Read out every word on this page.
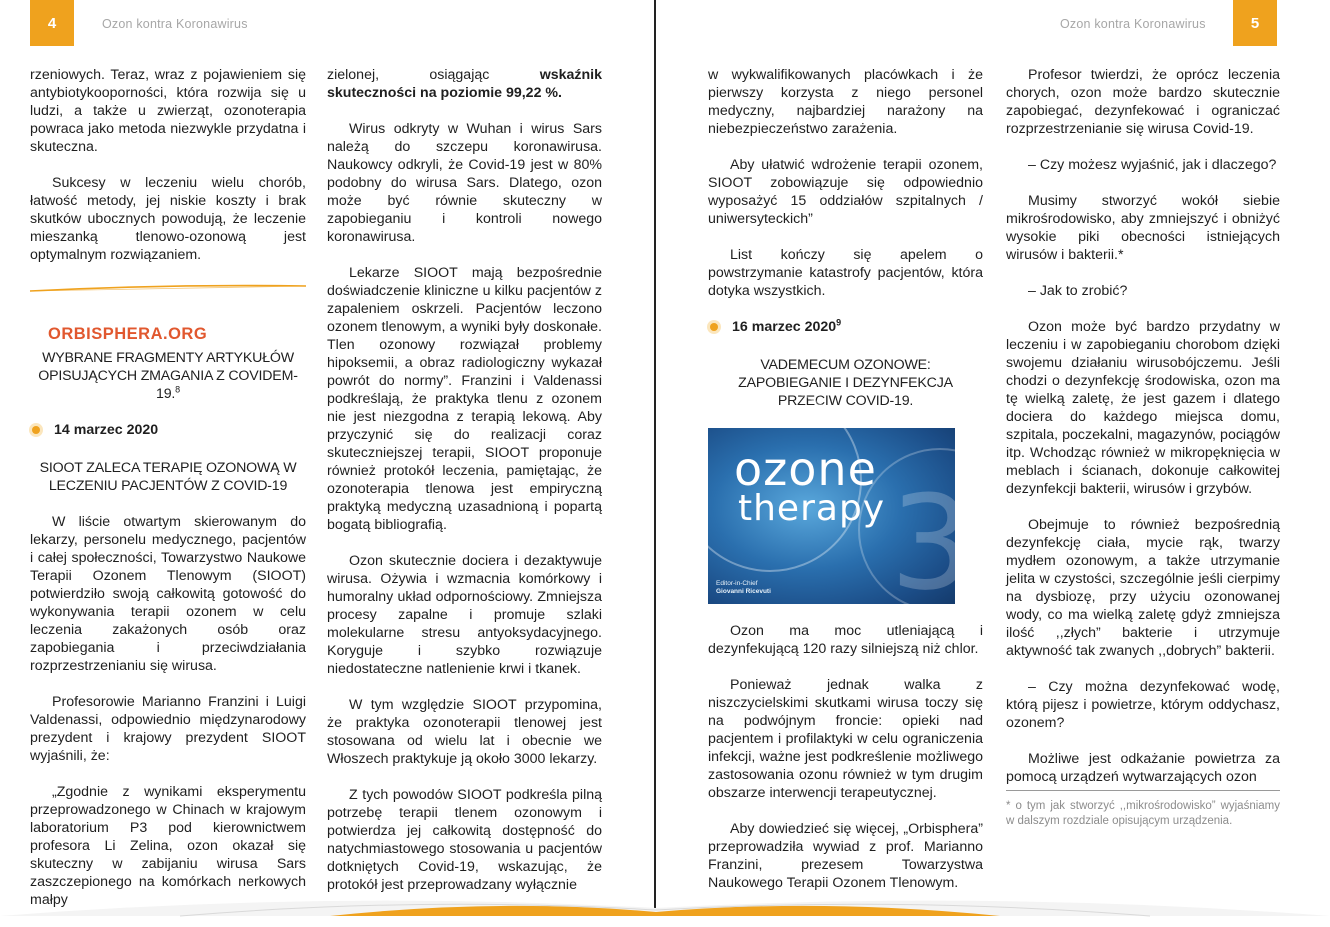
4	Ozon kontra Koronawirus	Ozon kontra Koronawirus	5

rzeniowych. Teraz, wraz z pojawieniem się antybiotykooporności, która rozwija się u ludzi, a także u zwierząt, ozonoterapia powraca jako metoda niezwykle przydatna i skuteczna.

Sukcesy w leczeniu wielu chorób, łatwość metody, jej niskie koszty i brak skutków ubocznych powodują, że leczenie mieszanką tlenowo-ozonową jest optymalnym rozwiązaniem.

ORBISPHERA.ORG

WYBRANE FRAGMENTY ARTYKUŁÓW OPISUJĄCYCH ZMAGANIA Z COVIDEM-19.$^8$

14 marzec 2020

SIOOT ZALECA TERAPIĘ OZONOWĄ W LECZENIU PACJENTÓW Z COVID-19

W liście otwartym skierowanym do lekarzy, personelu medycznego, pacjentów i całej społeczności, Towarzystwo Naukowe Terapii Ozonem Tlenowym (SIOOT) potwierdziło swoją całkowitą gotowość do wykonywania terapii ozonem w celu leczenia zakażonych osób oraz zapobiegania i przeciwdziałania rozprzestrzenianiu się wirusa.

Profesorowie Marianno Franzini i Luigi Valdenassi, odpowiednio międzynarodowy prezydent i krajowy prezydent SIOOT wyjaśnili, że:

„Zgodnie z wynikami eksperymentu przeprowadzonego w Chinach w krajowym laboratorium P3 pod kierownictwem profesora Li Zelina, ozon okazał się skuteczny w zabijaniu wirusa Sars zaszczepionego na komórkach nerkowych małpy

zielonej, osiągając wskaźnik skuteczności na poziomie 99,22 %.

Wirus odkryty w Wuhan i wirus Sars należą do szczepu koronawirusa. Naukowcy odkryli, że Covid-19 jest w 80% podobny do wirusa Sars. Dlatego, ozon może być równie skuteczny w zapobieganiu i kontroli nowego koronawirusa.

Lekarze SIOOT mają bezpośrednie doświadczenie kliniczne u kilku pacjentów z zapaleniem oskrzeli. Pacjentów leczono ozonem tlenowym, a wyniki były doskonałe. Tlen ozonowy rozwiązał problemy hipoksemii, a obraz radiologiczny wykazał powrót do normy”. Franzini i Valdenassi podkreślają, że praktyka tlenu z ozonem nie jest niezgodna z terapią lekową. Aby przyczynić się do realizacji coraz skuteczniejszej terapii, SIOOT proponuje również protokół leczenia, pamiętając, że ozonoterapia tlenowa jest empiryczną praktyką medyczną uzasadnioną i popartą bogatą bibliografią.

Ozon skutecznie dociera i dezaktywuje wirusa. Ożywia i wzmacnia komórkowy i humoralny układ odpornościowy. Zmniejsza procesy zapalne i promuje szlaki molekularne stresu antyoksydacyjnego. Koryguje i szybko rozwiązuje niedostateczne natlenienie krwi i tkanek.

W tym względzie SIOOT przypomina, że praktyka ozonoterapii tlenowej jest stosowana od wielu lat i obecnie we Włoszech praktykuje ją około 3000 lekarzy.

Z tych powodów SIOOT podkreśla pilną potrzebę terapii tlenem ozonowym i potwierdza jej całkowitą dostępność do natychmiastowego stosowania u pacjentów dotkniętych Covid-19, wskazując, że protokół jest przeprowadzany wyłącznie

w wykwalifikowanych placówkach i że pierwszy korzysta z niego personel medyczny, najbardziej narażony na niebezpieczeństwo zarażenia.

Aby ułatwić wdrożenie terapii ozonem, SIOOT zobowiązuje się odpowiednio wyposażyć 15 oddziałów szpitalnych / uniwersyteckich”

List kończy się apelem o powstrzymanie katastrofy pacjentów, która dotyka wszystkich.

16 marzec 2020$^9$

VADEMECUM OZONOWE: ZAPOBIEGANIE I DEZYNFEKCJA PRZECIW COVID-19.

3
ozone
therapy
Editor-in-Chief
Giovanni Ricevuti

Ozon ma moc utleniającą i dezynfekującą 120 razy silniejszą niż chlor.

Ponieważ jednak walka z niszczycielskimi skutkami wirusa toczy się na podwójnym froncie: opieki nad pacjentem i profilaktyki w celu ograniczenia infekcji, ważne jest podkreślenie możliwego zastosowania ozonu również w tym drugim obszarze interwencji terapeutycznej.

Aby dowiedzieć się więcej, „Orbisphera” przeprowadziła wywiad z prof. Marianno Franzini, prezesem Towarzystwa Naukowego Terapii Ozonem Tlenowym.

Profesor twierdzi, że oprócz leczenia chorych, ozon może bardzo skutecznie zapobiegać, dezynfekować i ograniczać rozprzestrzenianie się wirusa Covid-19.

– Czy możesz wyjaśnić, jak i dlaczego?

Musimy stworzyć wokół siebie mikrośrodowisko, aby zmniejszyć i obniżyć wysokie piki obecności istniejących wirusów i bakterii.*

– Jak to zrobić?

Ozon może być bardzo przydatny w leczeniu i w zapobieganiu chorobom dzięki swojemu działaniu wirusobójczemu. Jeśli chodzi o dezynfekcję środowiska, ozon ma tę wielką zaletę, że jest gazem i dlatego dociera do każdego miejsca domu, szpitala, poczekalni, magazynów, pociągów itp. Wchodząc również w mikropęknięcia w meblach i ścianach, dokonuje całkowitej dezynfekcji bakterii, wirusów i grzybów.

Obejmuje to również bezpośrednią dezynfekcję ciała, mycie rąk, twarzy mydłem ozonowym, a także utrzymanie jelita w czystości, szczególnie jeśli cierpimy na dysbiozę, przy użyciu ozonowanej wody, co ma wielką zaletę gdyż zmniejsza ilość ,,złych” bakterie i utrzymuje aktywność tak zwanych ,,dobrych” bakterii.

– Czy można dezynfekować wodę, którą pijesz i powietrze, którym oddychasz, ozonem?

Możliwe jest odkażanie powietrza za pomocą urządzeń wytwarzających ozon

* o tym jak stworzyć ,,mikrośrodowisko” wyjaśniamy w dalszym rozdziale opisującym urządzenia.
